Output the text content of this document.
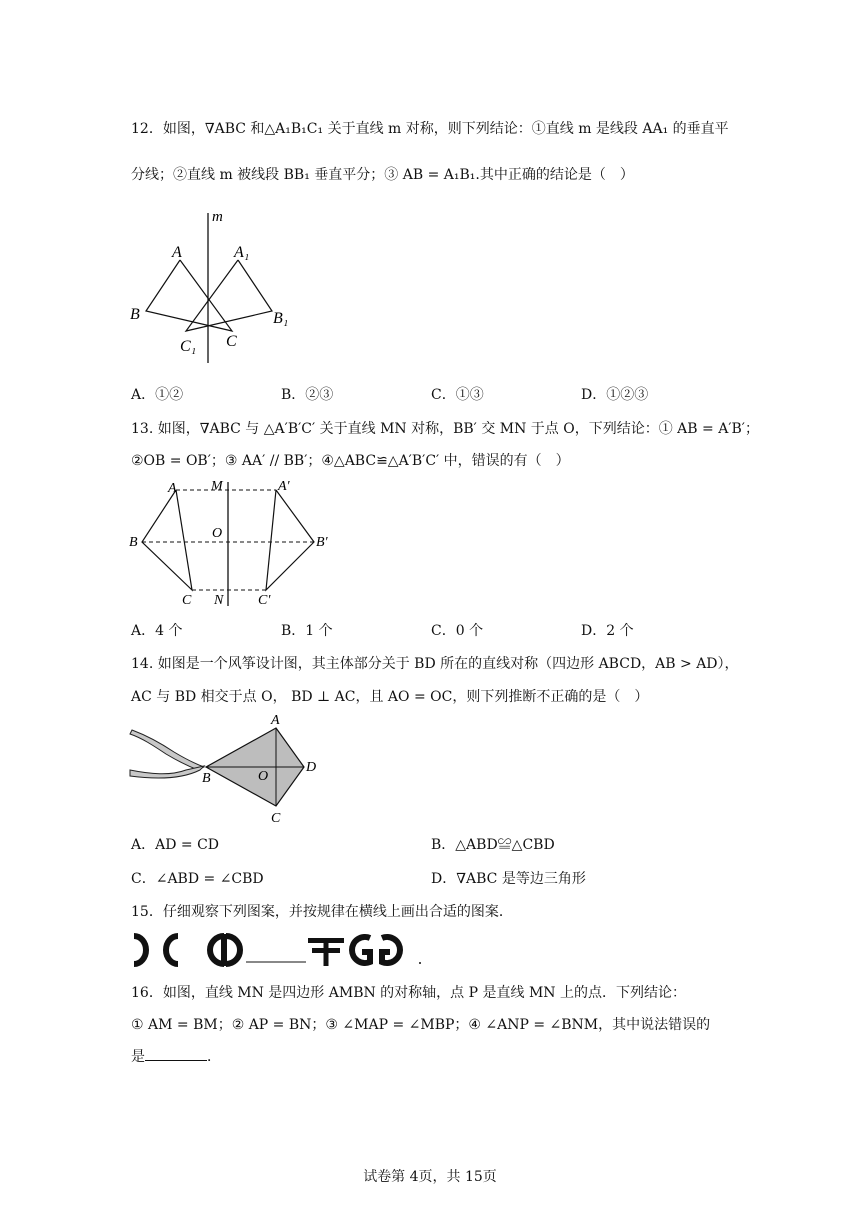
12．如图，∇ABC 和△A₁B₁C₁ 关于直线 m 对称，则下列结论：①直线 m 是线段 AA₁ 的垂直平
分线；②直线 m 被线段 BB₁ 垂直平分；③ AB = A₁B₁.其中正确的结论是（　）
m
A	A₁
B	B₁
C
C₁
A．①②	B．②③	C．①③	D．①②③
13. 如图，∇ABC 与 △A′B′C′ 关于直线 MN 对称，BB′ 交 MN 于点 O，下列结论：① AB = A′B′；
②OB = OB′；③ AA′ // BB′；④△ABC≌△A′B′C′ 中，错误的有（　）
A M	A′
B
O
B′
C N C′
A．4 个	B．1 个	C．0 个	D．2 个
14. 如图是一个风筝设计图，其主体部分关于 BD 所在的直线对称（四边形 ABCD，AB > AD），
AC 与 BD 相交于点 O， BD ⊥ AC，且 AO = OC，则下列推断不正确的是（　）
A
B	O
D
C
A．AD = CD	B．△ABD≌△CBD
C．∠ABD = ∠CBD	D．∇ABC 是等边三角形
15．仔细观察下列图案，并按规律在横线上画出合适的图案．
16．如图，直线 MN 是四边形 AMBN 的对称轴，点 P 是直线 MN 上的点．下列结论：
① AM = BM；② AP = BN；③ ∠MAP = ∠MBP；④ ∠ANP = ∠BNM，其中说法错误的
是	．
试卷第 4页，共 15页
